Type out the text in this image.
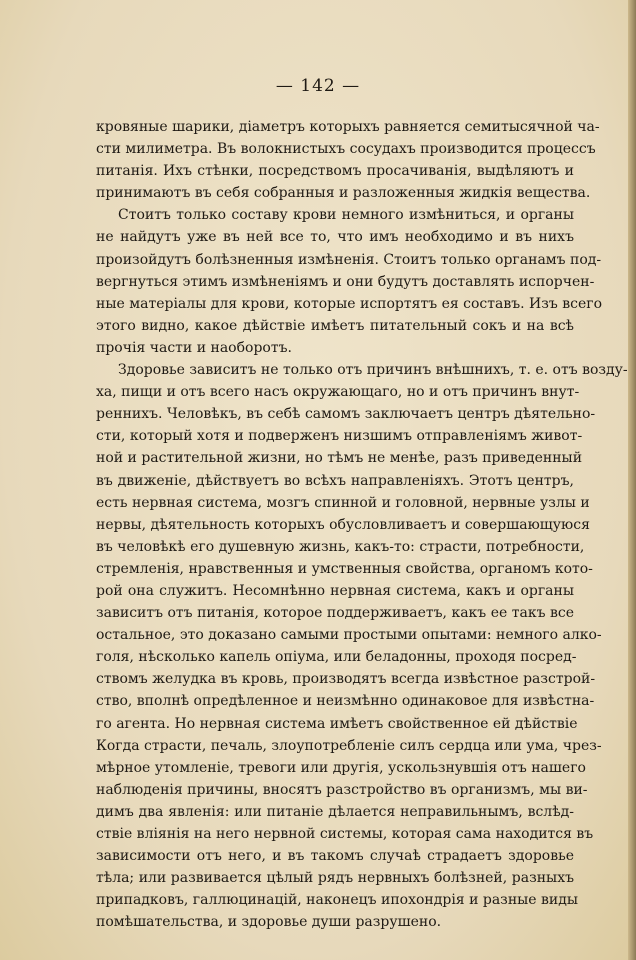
— 142 —
кровяные шарики, діаметръ которыхъ равняется семитысячной ча-
сти милиметра. Въ волокнистыхъ сосудахъ производится процессъ
питанія. Ихъ стѣнки, посредствомъ просачиванія, выдѣляютъ и
принимаютъ въ себя собранныя и разложенныя жидкія вещества.
Стоитъ только составу крови немного измѣниться, и органы
не найдутъ уже въ ней все то, что имъ необходимо и въ нихъ
произойдутъ болѣзненныя измѣненія. Стоитъ только органамъ под-
вергнуться этимъ измѣненіямъ и они будутъ доставлять испорчен-
ные матеріалы для крови, которые испортятъ ея составъ. Изъ всего
этого видно, какое дѣйствіе имѣетъ питательный сокъ и на всѣ
прочія части и наоборотъ.
Здоровье зависитъ не только отъ причинъ внѣшнихъ, т. е. отъ возду-
ха, пищи и отъ всего насъ окружающаго, но и отъ причинъ внут-
реннихъ. Человѣкъ, въ себѣ самомъ заключаетъ центръ дѣятельно-
сти, который хотя и подверженъ низшимъ отправленіямъ живот-
ной и растительной жизни, но тѣмъ не менѣе, разъ приведенный
въ движеніе, дѣйствуетъ во всѣхъ направленіяхъ. Этотъ центръ,
есть нервная система, мозгъ спинной и головной, нервные узлы и
нервы, дѣятельность которыхъ обусловливаетъ и совершающуюся
въ человѣкѣ его душевную жизнь, какъ-то: страсти, потребности,
стремленія, нравственныя и умственныя свойства, органомъ кото-
рой она служитъ. Несомнѣнно нервная система, какъ и органы
зависитъ отъ питанія, которое поддерживаетъ, какъ ее такъ все
остальное, это доказано самыми простыми опытами: немного алко-
голя, нѣсколько капель опіума, или беладонны, проходя посред-
ствомъ желудка въ кровь, производятъ всегда извѣстное разстрой-
ство, вполнѣ опредѣленное и неизмѣнно одинаковое для извѣстна-
го агента. Но нервная система имѣетъ свойственное ей дѣйствіе
Когда страсти, печаль, злоупотребленіе силъ сердца или ума, чрез-
мѣрное утомленіе, тревоги или другія, ускользнувшія отъ нашего
наблюденія причины, вносятъ разстройство въ организмъ, мы ви-
димъ два явленія: или питаніе дѣлается неправильнымъ, вслѣд-
ствіе вліянія на него нервной системы, которая сама находится въ
зависимости отъ него, и въ такомъ случаѣ страдаетъ здоровье
тѣла; или развивается цѣлый рядъ нервныхъ болѣзней, разныхъ
припадковъ, галлюцинацій, наконецъ ипохондрія и разные виды
помѣшательства, и здоровье души разрушено.
